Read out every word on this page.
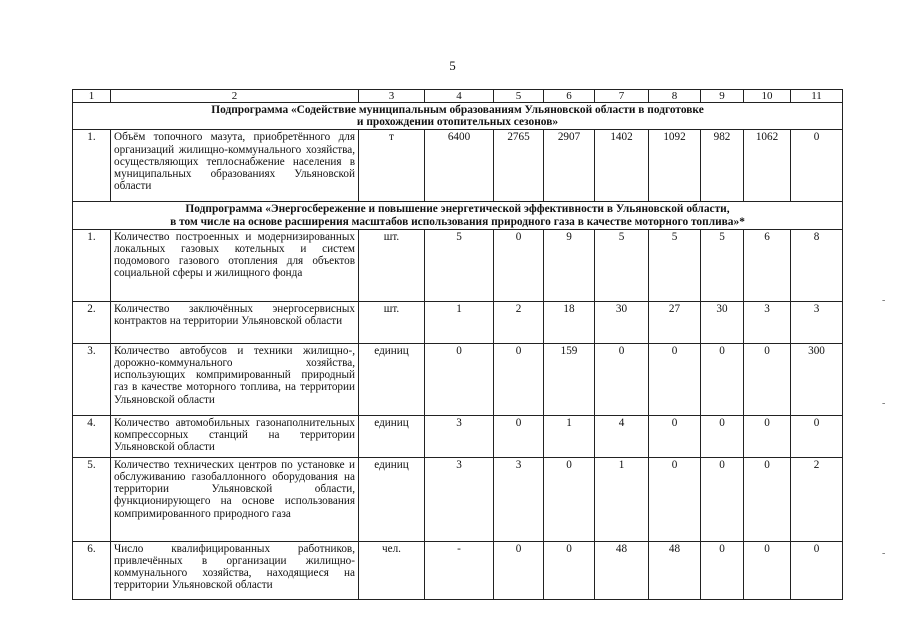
5
1	2	3	4	5	6	7	8	9	10	11

Подпрограмма «Содействие муниципальным образованиям Ульяновской области в подготовке
и прохождении отопительных сезонов»										

1.	Объём топочного мазута, приобретённого для организаций жилищно-коммунального хозяйства, осуществляющих теплоснабжение населения в муниципальных образованиях Ульяновской области	т	6400	2765	2907	1402	1092	982	1062	0

Подпрограмма «Энергосбережение и повышение энергетической эффективности в Ульяновской области,
в том числе на основе расширения масштабов использования природного газа в качестве моторного топлива»*										

1.	Количество построенных и модернизированных локальных газовых котельных и систем подомового газового отопления для объектов социальной сферы и жилищного фонда	шт.	5	0	9	5	5	5	6	8
2.	Количество заключённых энергосервисных контрактов на территории Ульяновской области	шт.	1	2	18	30	27	30	3	3
3.	Количество автобусов и техники жилищно-, дорожно-коммунального хозяйства, использующих компримированный природный газ в качестве моторного топлива, на территории Ульяновской области	единиц	0	0	159	0	0	0	0	300
4.	Количество автомобильных газонаполнительных компрессорных станций на территории Ульяновской области	единиц	3	0	1	4	0	0	0	0
5.	Количество технических центров по установке и обслуживанию газобаллонного оборудования на территории Ульяновской области, функционирующего на основе использования компримированного природного газа	единиц	3	3	0	1	0	0	0	2
6.	Число квалифицированных работников, привлечённых в организации жилищно-коммунального хозяйства, находящиеся на территории Ульяновской области	чел.	-	0	0	48	48	0	0	0
-
-
-
